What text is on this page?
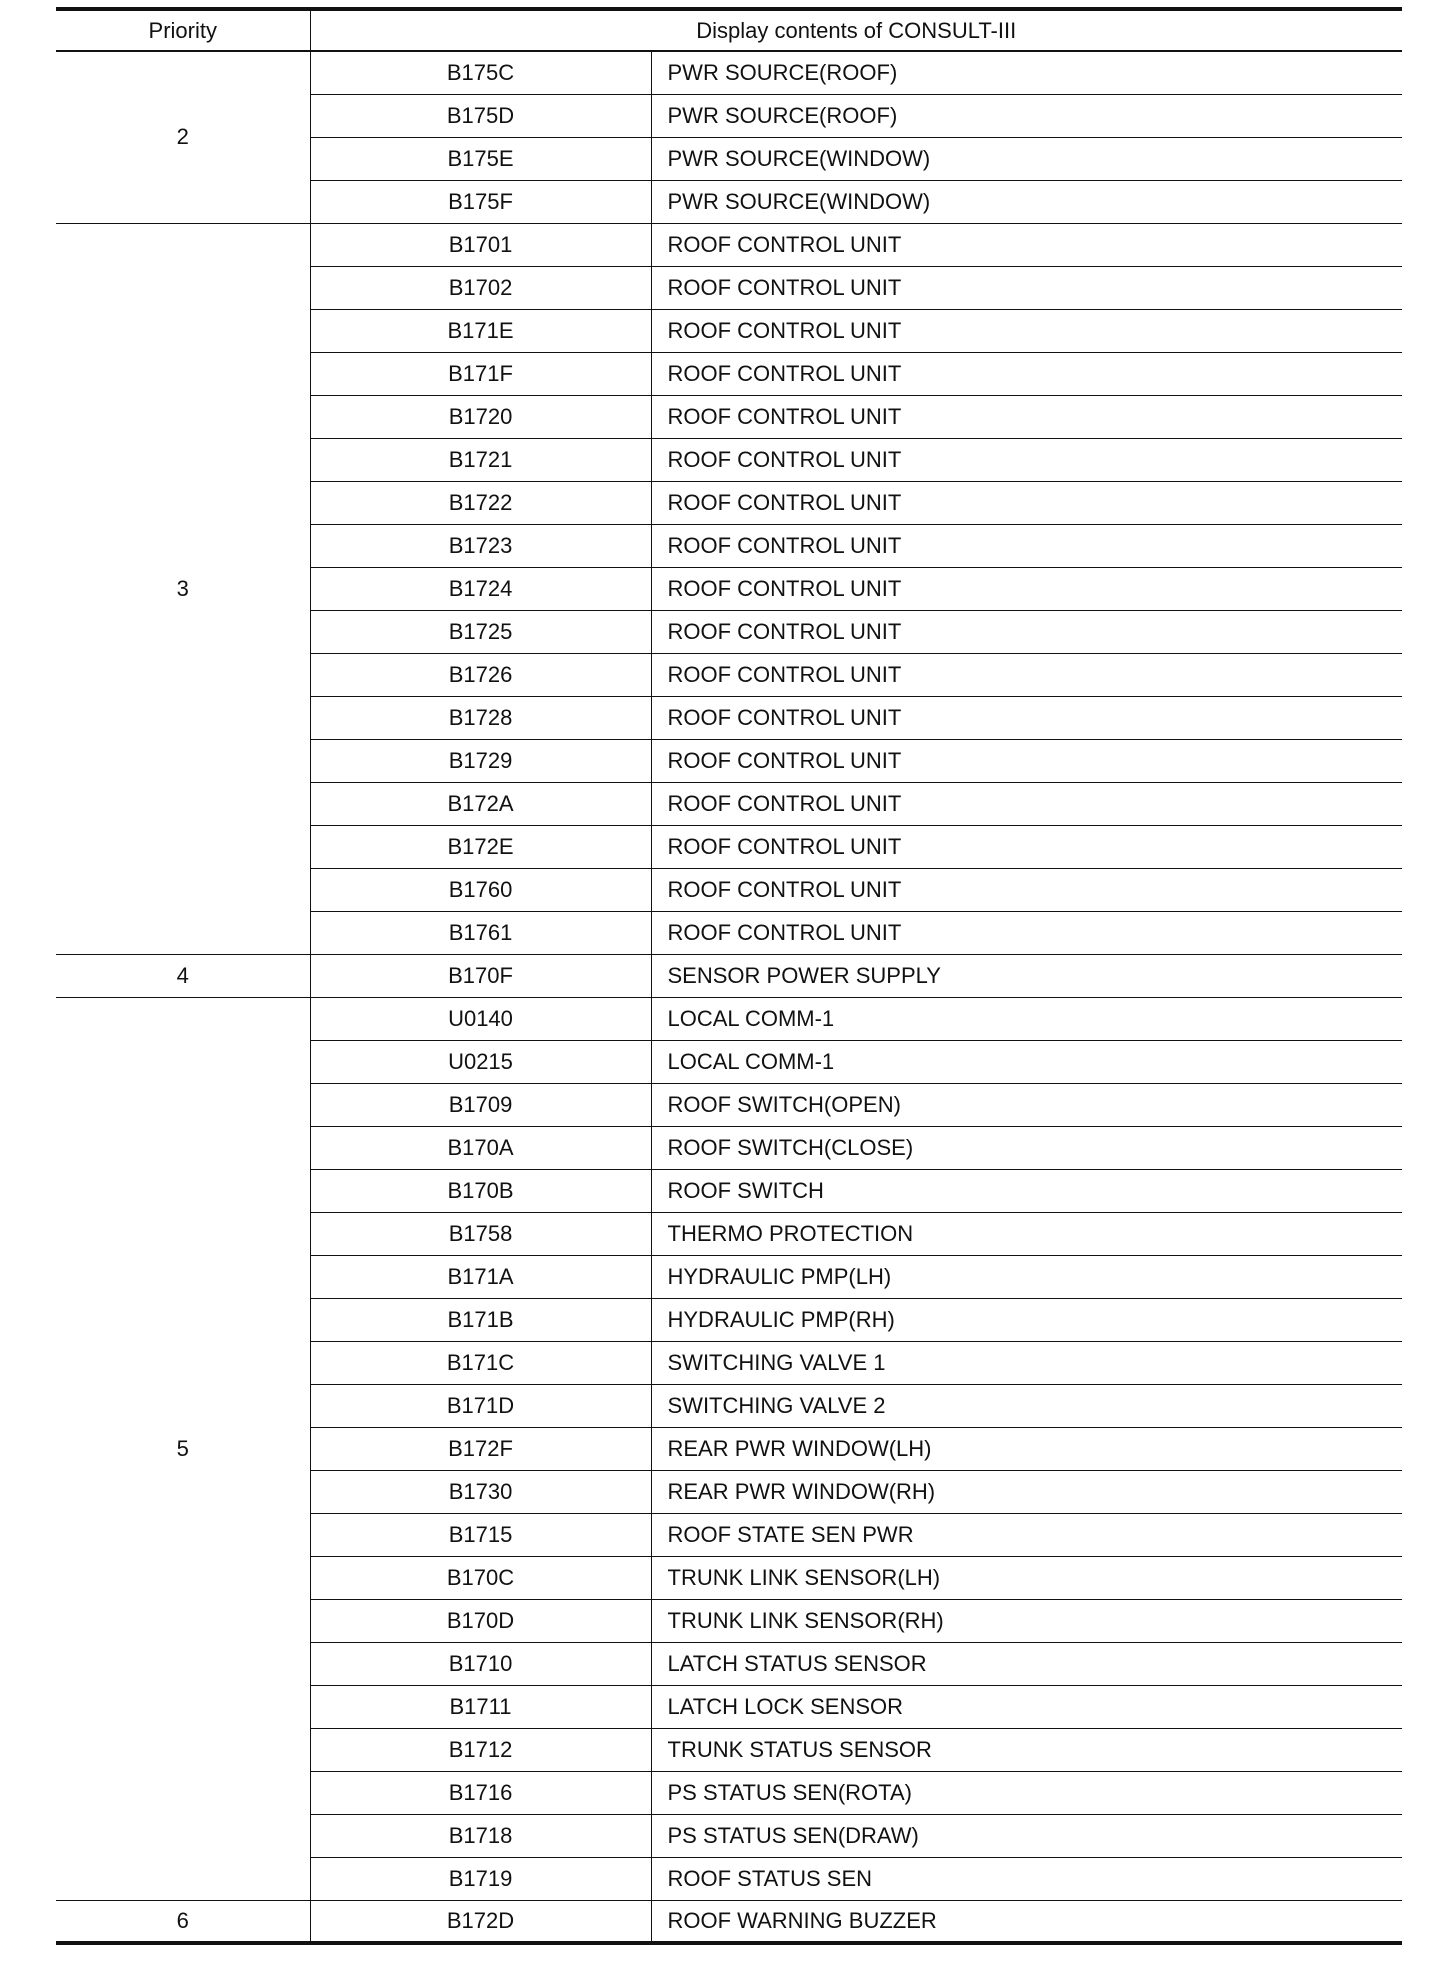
Priority	Display contents of CONSULT-III	
2	B175C	PWR SOURCE(ROOF)
	B175D	PWR SOURCE(ROOF)
	B175E	PWR SOURCE(WINDOW)
	B175F	PWR SOURCE(WINDOW)
3	B1701	ROOF CONTROL UNIT
	B1702	ROOF CONTROL UNIT
	B171E	ROOF CONTROL UNIT
	B171F	ROOF CONTROL UNIT
	B1720	ROOF CONTROL UNIT
	B1721	ROOF CONTROL UNIT
	B1722	ROOF CONTROL UNIT
	B1723	ROOF CONTROL UNIT
	B1724	ROOF CONTROL UNIT
	B1725	ROOF CONTROL UNIT
	B1726	ROOF CONTROL UNIT
	B1728	ROOF CONTROL UNIT
	B1729	ROOF CONTROL UNIT
	B172A	ROOF CONTROL UNIT
	B172E	ROOF CONTROL UNIT
	B1760	ROOF CONTROL UNIT
	B1761	ROOF CONTROL UNIT
4	B170F	SENSOR POWER SUPPLY
5	U0140	LOCAL COMM-1
	U0215	LOCAL COMM-1
	B1709	ROOF SWITCH(OPEN)
	B170A	ROOF SWITCH(CLOSE)
	B170B	ROOF SWITCH
	B1758	THERMO PROTECTION
	B171A	HYDRAULIC PMP(LH)
	B171B	HYDRAULIC PMP(RH)
	B171C	SWITCHING VALVE 1
	B171D	SWITCHING VALVE 2
	B172F	REAR PWR WINDOW(LH)
	B1730	REAR PWR WINDOW(RH)
	B1715	ROOF STATE SEN PWR
	B170C	TRUNK LINK SENSOR(LH)
	B170D	TRUNK LINK SENSOR(RH)
	B1710	LATCH STATUS SENSOR
	B1711	LATCH LOCK SENSOR
	B1712	TRUNK STATUS SENSOR
	B1716	PS STATUS SEN(ROTA)
	B1718	PS STATUS SEN(DRAW)
	B1719	ROOF STATUS SEN
6	B172D	ROOF WARNING BUZZER
